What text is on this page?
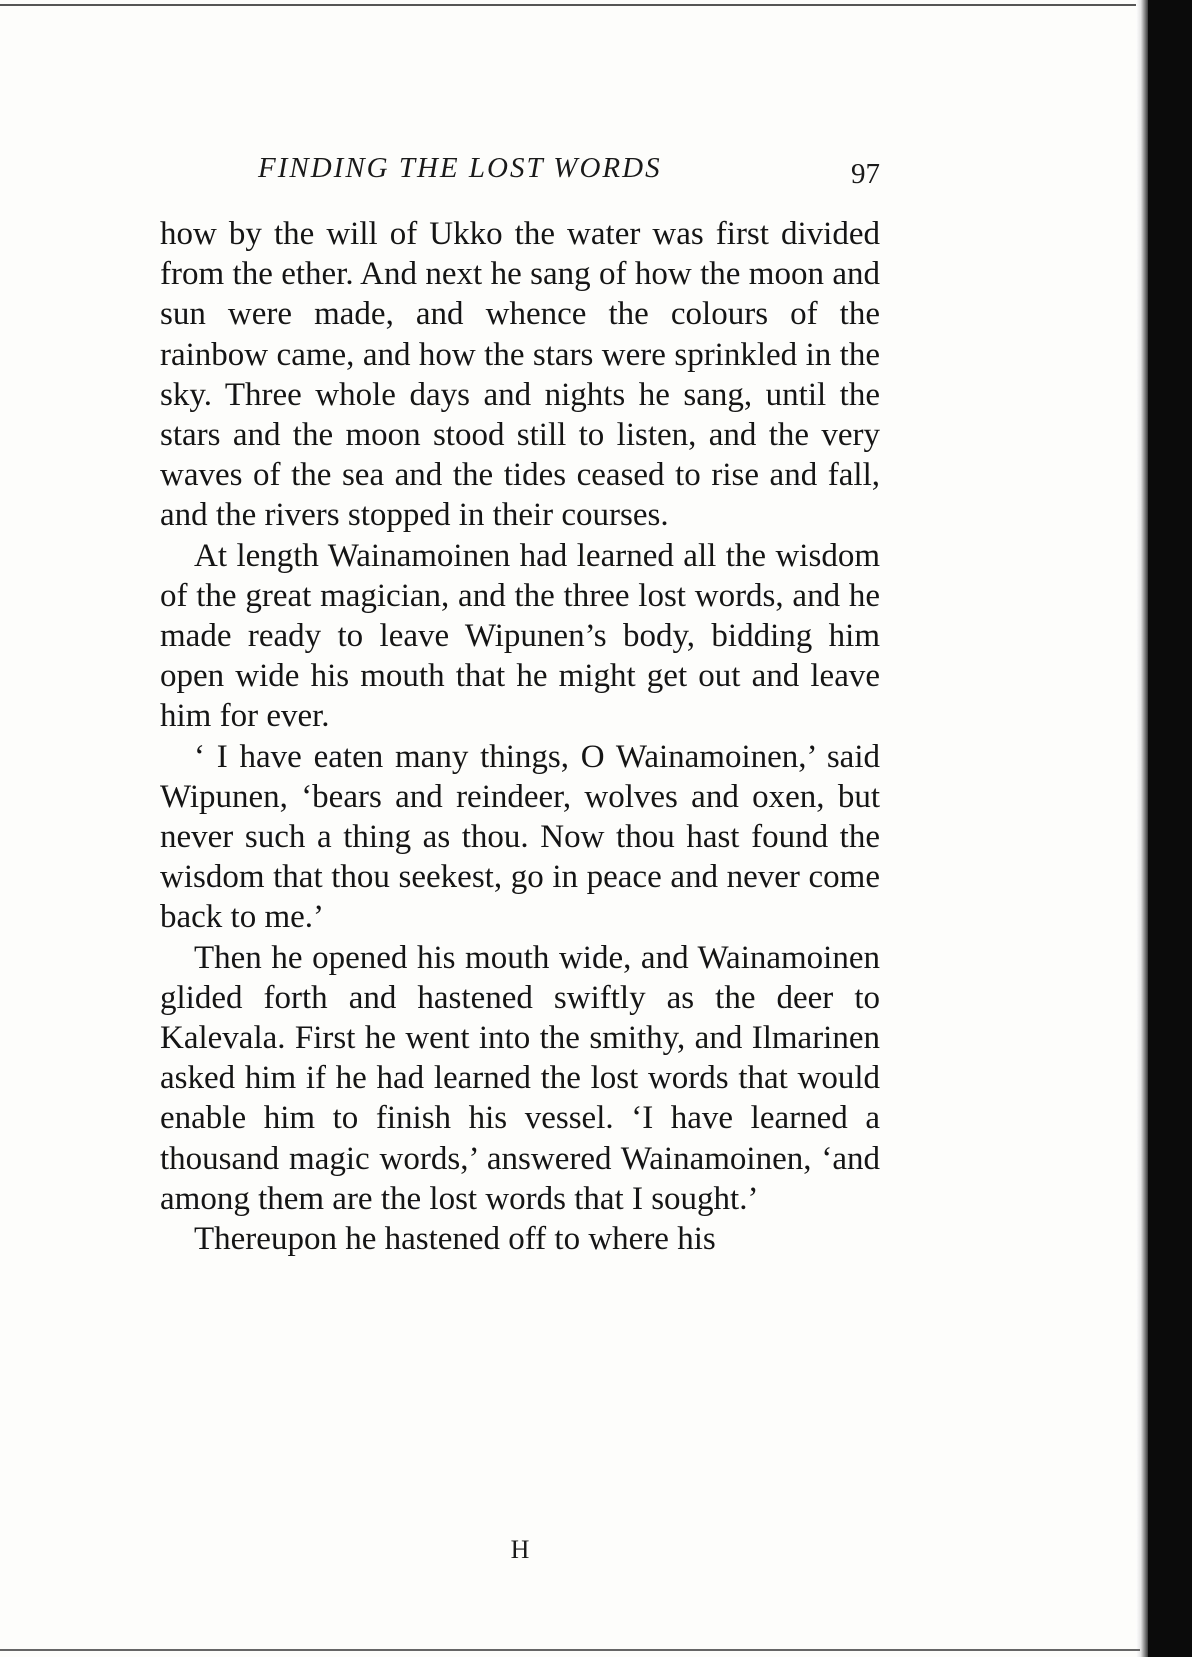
FINDING THE LOST WORDS	97

how by the will of Ukko the water was first divided from the ether. And next he sang of how the moon and sun were made, and whence the colours of the rainbow came, and how the stars were sprinkled in the sky. Three whole days and nights he sang, until the stars and the moon stood still to listen, and the very waves of the sea and the tides ceased to rise and fall, and the rivers stopped in their courses.

At length Wainamoinen had learned all the wisdom of the great magician, and the three lost words, and he made ready to leave Wipunen’s body, bidding him open wide his mouth that he might get out and leave him for ever.

‘ I have eaten many things, O Wainamoinen,’ said Wipunen, ‘bears and reindeer, wolves and oxen, but never such a thing as thou. Now thou hast found the wisdom that thou seekest, go in peace and never come back to me.’

Then he opened his mouth wide, and Wainamoinen glided forth and hastened swiftly as the deer to Kalevala. First he went into the smithy, and Ilmarinen asked him if he had learned the lost words that would enable him to finish his vessel. ‘I have learned a thousand magic words,’ answered Wainamoinen, ‘and among them are the lost words that I sought.’

Thereupon he hastened off to where his

H
